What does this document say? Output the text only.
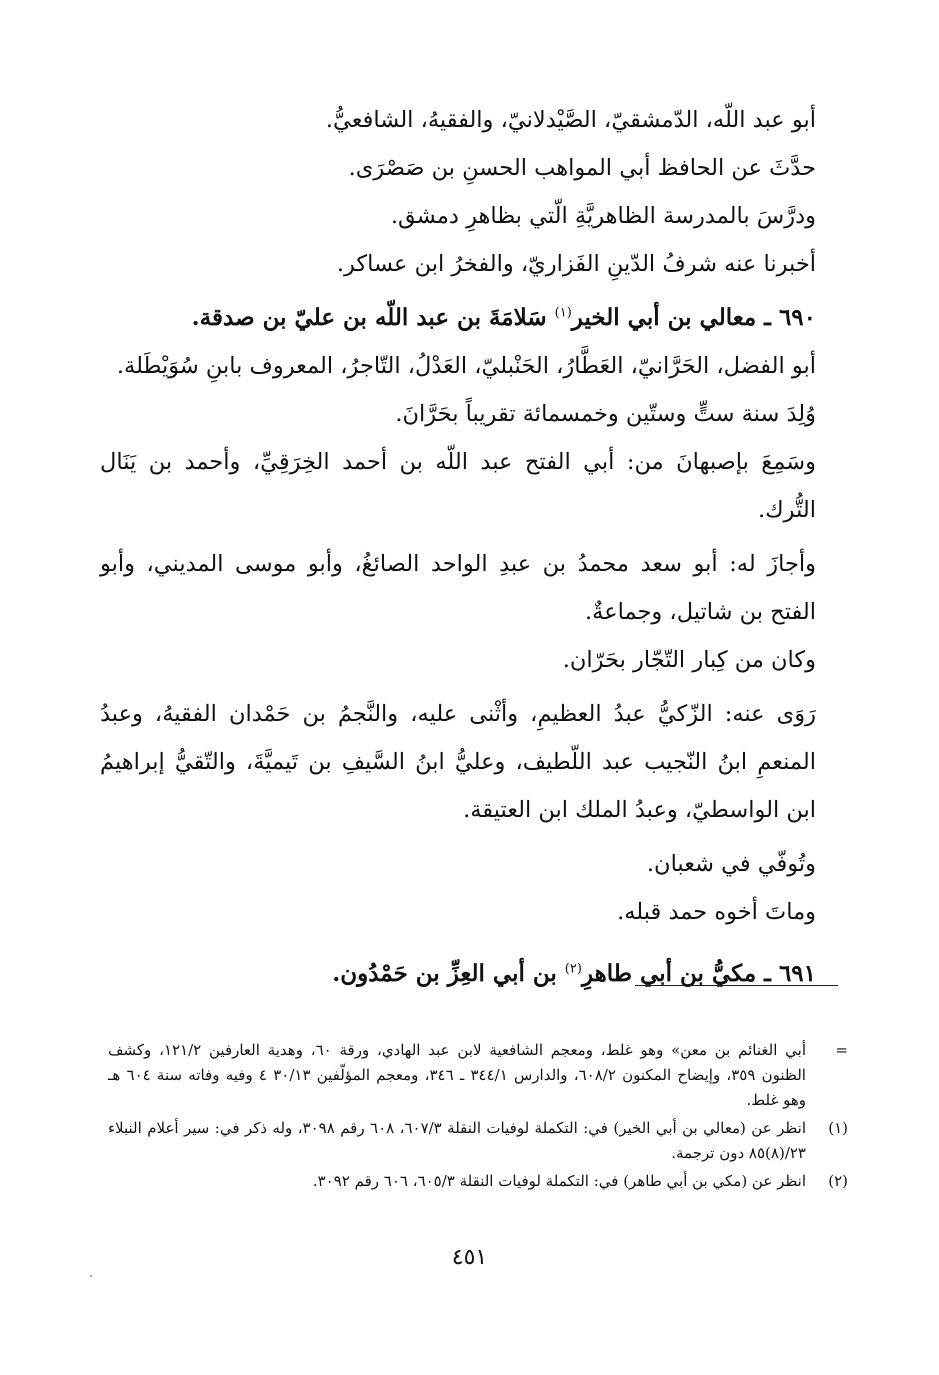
أبو عبد اللّه، الدّمشقيّ، الصَّيْدلانيّ، والفقيهُ، الشافعيُّ.

حدَّثَ عن الحافظ أبي المواهب الحسنِ بن صَصْرَى.

ودرَّسَ بالمدرسة الظاهريَّةِ الّتي بظاهرِ دمشق.

أخبرنا عنه شرفُ الدّينِ الفَزاريّ، والفخرُ ابن عساكر.

٦٩٠ ـ معالي بن أبي الخير$^{(١)}$ سَلامَةَ بن عبد اللّه بن عليّ بن صدقة.

أبو الفضل، الحَرَّانيّ، العَطَّارُ، الحَنْبليّ، العَدْلُ، التّاجرُ، المعروف بابنِ سُوَيْطَلة.

وُلِدَ سنة ستٍّ وستّين وخمسمائة تقريباً بحَرَّانَ.

وسَمِعَ بإصبهانَ من: أبي الفتح عبد اللّه بن أحمد الخِرَقِيِّ، وأحمد بن يَنَال التُّرك.

وأجازَ له: أبو سعد محمدُ بن عبدِ الواحد الصائغُ، وأبو موسى المديني، وأبو الفتح بن شاتيل، وجماعةٌ.

وكان من كِبار التّجّار بحَرّان.

رَوَى عنه: الزّكيُّ عبدُ العظيمِ، وأثْنى عليه، والنَّجمُ بن حَمْدان الفقيهُ، وعبدُ المنعمِ ابنُ النّجيب عبد اللّطيف، وعليُّ ابنُ السَّيفِ بن تَيميَّةَ، والتّقيُّ إبراهيمُ ابن الواسطيّ، وعبدُ الملك ابن العتيقة.

وتُوفّي في شعبان.

وماتَ أخوه حمد قبله.

٦٩١ ـ مكيُّ بن أبي طاهرِ$^{(٢)}$ بن أبي العِزِّ بن حَمْدُون.

=
أبي الغنائم بن معن» وهو غلط، ومعجم الشافعية لابن عبد الهادي، ورقة ٦٠، وهدية العارفين ١٢١/٢، وكشف الظنون ٣٥٩، وإيضاح المكنون ٦٠٨/٢، والدارس ٣٤٤/١ ـ ٣٤٦، ومعجم المؤلّفين ٣٠/١٣ ٤ وفيه وفاته سنة ٦٠٤ هـ وهو غلط.
(١)
انظر عن (معالي بن أبي الخير) في: التكملة لوفيات النقلة ٦٠٧/٣، ٦٠٨ رقم ٣٠٩٨، وله ذكر في: سير أعلام النبلاء ٢٣/(٨)٨٥ دون ترجمة.
(٢)
انظر عن (مكي بن أبي طاهر) في: التكملة لوفيات النقلة ٦٠٥/٣، ٦٠٦ رقم ٣٠٩٢.
٤٥١
